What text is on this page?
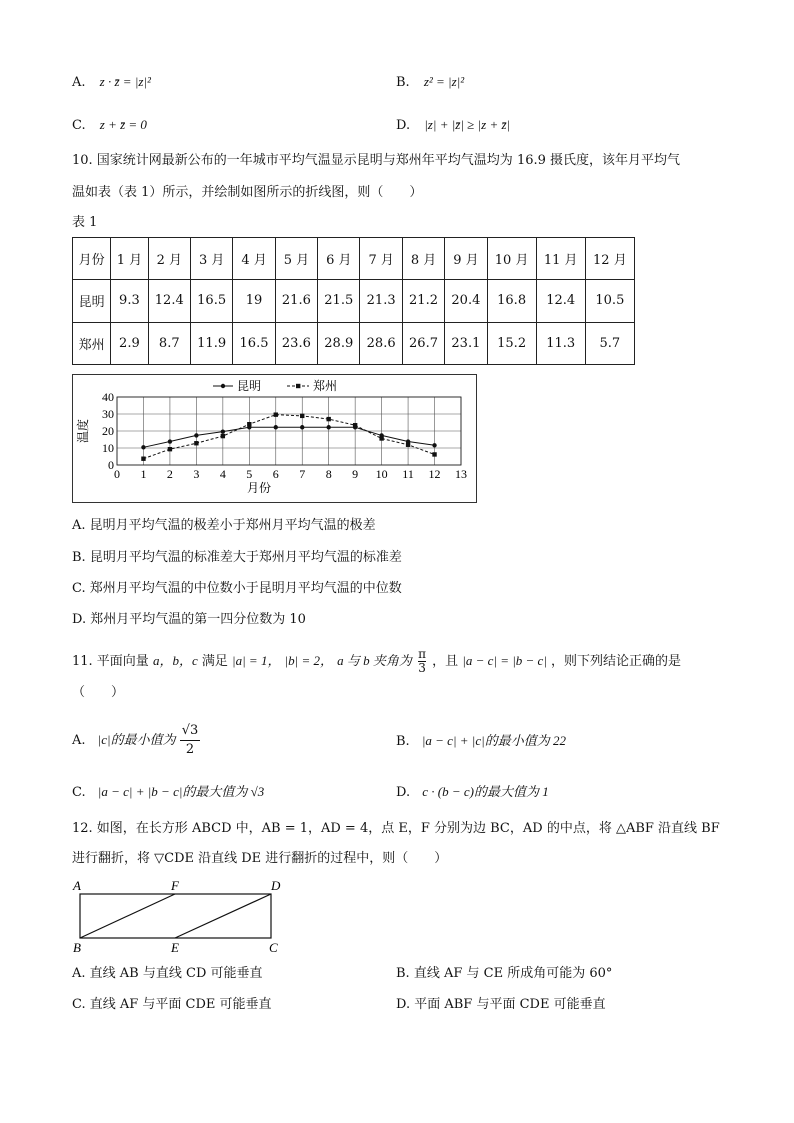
A. z · z̄ = |z|²	B. z² = |z|²
C. z + z̄ = 0	D. |z| + |z̄| ≥ |z + z̄|
10. 国家统计网最新公布的一年城市平均气温显示昆明与郑州年平均气温均为 16.9 摄氏度，该年月平均气
温如表（表 1）所示，并绘制如图所示的折线图，则（　　）
表 1
月份	1 月	2 月	3 月	4 月	5 月	6 月	7 月	8 月	9 月	10 月	11 月	12 月
昆明	9.3	12.4	16.5	19	21.6	21.5	21.3	21.2	20.4	16.8	12.4	10.5
郑州	2.9	8.7	11.9	16.5	23.6	28.9	28.6	26.7	23.1	15.2	11.3	5.7
0 1 2 3 4 5 6 7 8 9 10 11 12 13
0
10
20
30
40
月份
温度
昆明	郑州
A. 昆明月平均气温的极差小于郑州月平均气温的极差
B. 昆明月平均气温的标准差大于郑州月平均气温的标准差
C. 郑州月平均气温的中位数小于昆明月平均气温的中位数
D. 郑州月平均气温的第一四分位数为 10
11. 平面向量 a，b，c 满足 |a| = 1， |b| = 2， a 与 b 夹角为 $\frac{\pi}{3}$ ，且 |a − c| = |b − c| ，则下列结论正确的是
（　　）
A. |c|的最小值为 $\frac{√3}{2}$	B. |a − c| + |c|的最小值为 22
C. |a − c| + |b − c|的最大值为 √3	D. c · (b − c)的最大值为 1
12. 如图，在长方形 ABCD 中，AB = 1，AD = 4，点 E，F 分别为边 BC，AD 的中点，将 △ABF 沿直线 BF
进行翻折，将 ▽CDE 沿直线 DE 进行翻折的过程中，则（　　）
A	F	D
B	E	C
A. 直线 AB 与直线 CD 可能垂直	B. 直线 AF 与 CE 所成角可能为 60°
C. 直线 AF 与平面 CDE 可能垂直	D. 平面 ABF 与平面 CDE 可能垂直
